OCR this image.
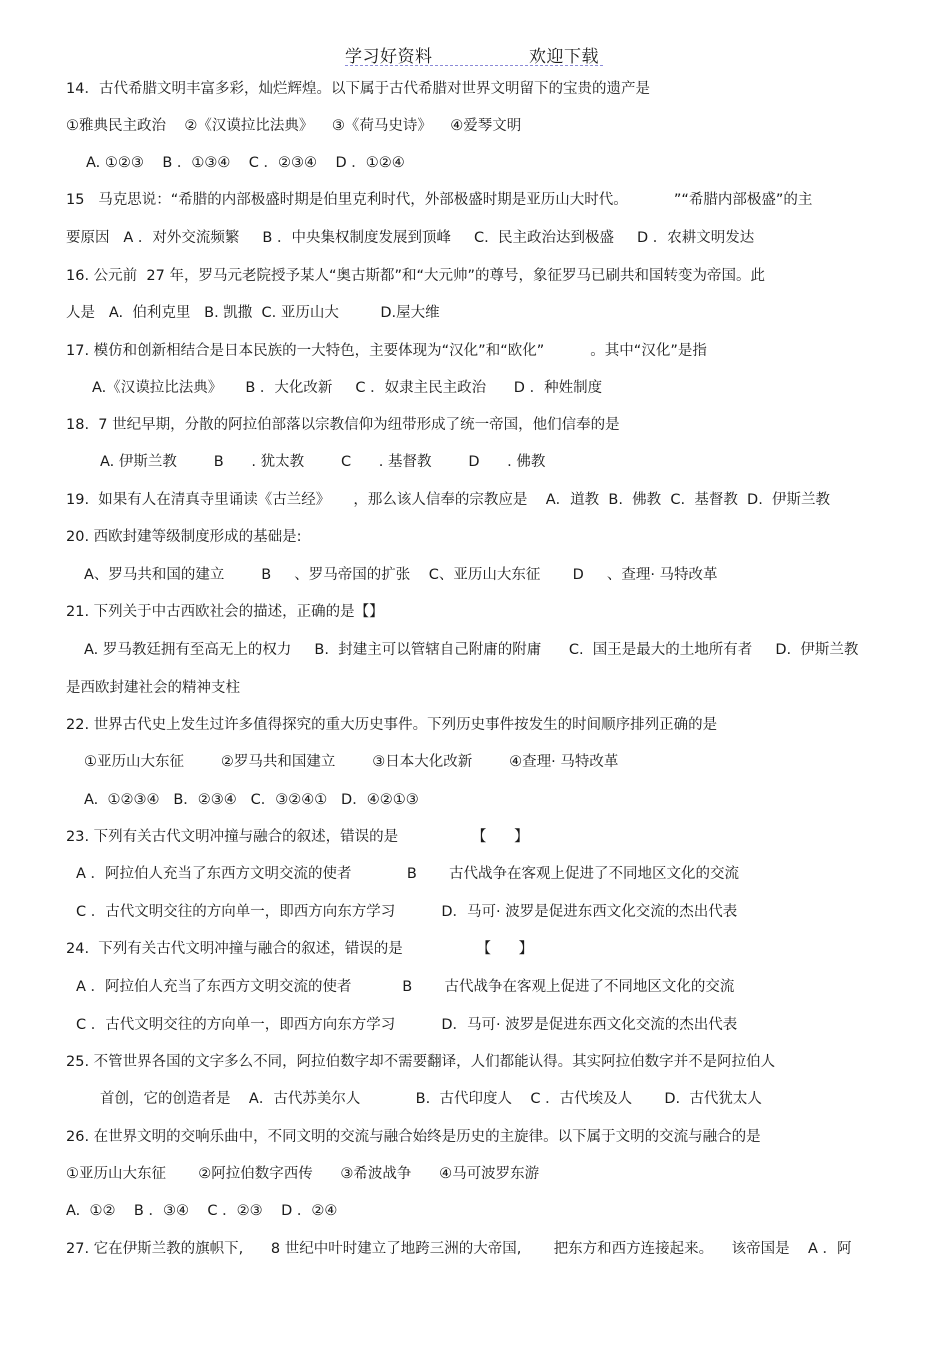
学习好资料	欢迎下载
14．古代希腊文明丰富多彩，灿烂辉煌。以下属于古代希腊对世界文明留下的宝贵的遗产是
①雅典民主政治    ②《汉谟拉比法典》    ③《荷马史诗》    ④爱琴文明
A. ①②③    B ．①③④    C ．②③④    D ．①②④
15   马克思说：“希腊的内部极盛时期是伯里克利时代，外部极盛时期是亚历山大时代。          ”“希腊内部极盛”的主
要原因   A ．对外交流频繁     B ．中央集权制度发展到顶峰     C.  民主政治达到极盛     D ．农耕文明发达
16. 公元前  27 年，罗马元老院授予某人“奥古斯都”和“大元帅”的尊号，象征罗马已刷共和国转变为帝国。此
人是   A.  伯利克里   B. 凯撒  C. 亚历山大         D.屋大维
17. 模仿和创新相结合是日本民族的一大特色，主要体现为“汉化”和“欧化”          。其中“汉化”是指
A.《汉谟拉比法典》     B ．大化改新     C ．奴隶主民主政治      D ．种姓制度
18.  7 世纪早期，分散的阿拉伯部落以宗教信仰为纽带形成了统一帝国，他们信奉的是
A. 伊斯兰教        B      . 犹太教        C      . 基督教        D      . 佛教
19.  如果有人在清真寺里诵读《古兰经》     ，那么该人信奉的宗教应是    A．道教  B.  佛教  C.  基督教  D.  伊斯兰教
20. 西欧封建等级制度形成的基础是:
A、罗马共和国的建立        B     、罗马帝国的扩张    C、亚历山大东征       D     、查理· 马特改革
21. 下列关于中古西欧社会的描述，正确的是【】
A. 罗马教廷拥有至高无上的权力     B.  封建主可以管辖自己附庸的附庸      C.  国王是最大的土地所有者     D.  伊斯兰教
是西欧封建社会的精神支柱
22. 世界古代史上发生过许多值得探究的重大历史事件。下列历史事件按发生的时间顺序排列正确的是
①亚历山大东征        ②罗马共和国建立        ③日本大化改新        ④查理· 马特改革
A.  ①②③④   B．②③④   C．③②④①   D．④②①③
23. 下列有关古代文明冲撞与融合的叙述，错误的是                【      】
A ．阿拉伯人充当了东西方文明交流的使者            B       古代战争在客观上促进了不同地区文化的交流
C ．古代文明交往的方向单一，即西方向东方学习          D．马可· 波罗是促进东西文化交流的杰出代表
24.  下列有关古代文明冲撞与融合的叙述，错误的是                【      】
A ．阿拉伯人充当了东西方文明交流的使者           B       古代战争在客观上促进了不同地区文化的交流
C ．古代文明交往的方向单一，即西方向东方学习          D．马可· 波罗是促进东西文化交流的杰出代表
25. 不管世界各国的文字多么不同，阿拉伯数字却不需要翻译，人们都能认得。其实阿拉伯数字并不是阿拉伯人
首创，它的创造者是    A．古代苏美尔人            B.  古代印度人    C ．古代埃及人       D.  古代犹太人
26. 在世界文明的交响乐曲中，不同文明的交流与融合始终是历史的主旋律。以下属于文明的交流与融合的是
①亚历山大东征       ②阿拉伯数字西传      ③希波战争      ④马可波罗东游
A.  ①②    B ．③④    C ．②③    D ．②④
27. 它在伊斯兰教的旗帜下,      8 世纪中叶时建立了地跨三洲的大帝国,       把东方和西方连接起来。    该帝国是    A ．阿
